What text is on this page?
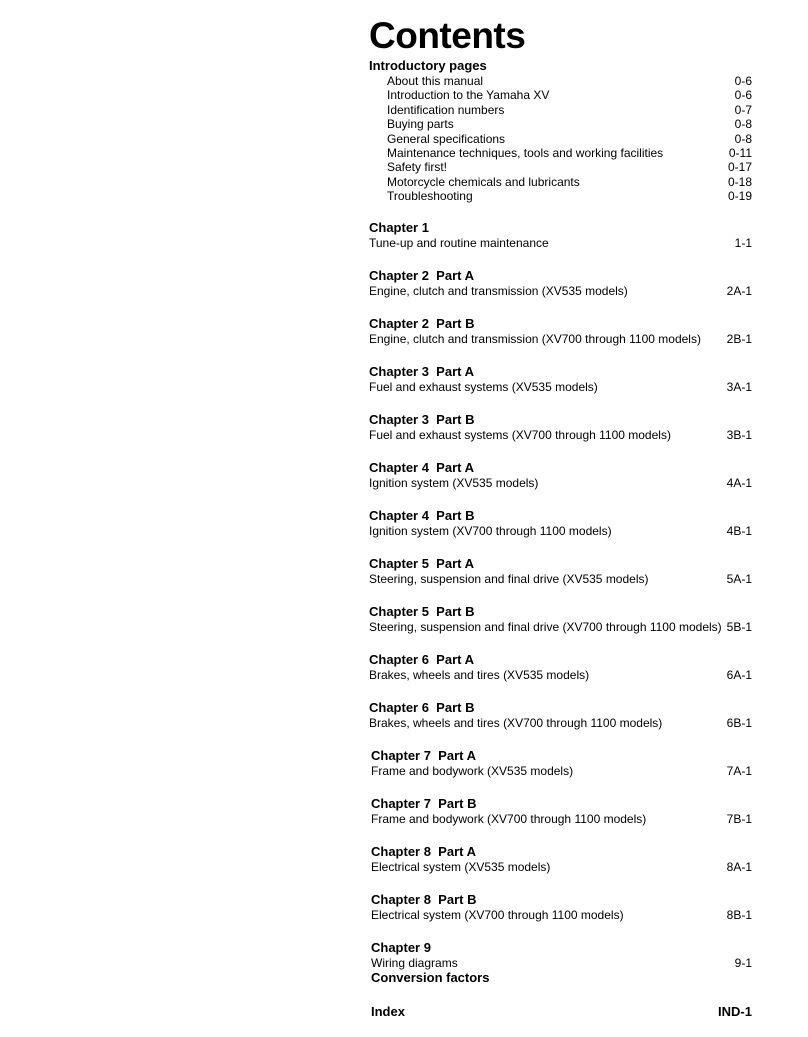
Contents
Introductory pages
About this manual	0-6
Introduction to the Yamaha XV	0-6
Identification numbers	0-7
Buying parts	0-8
General specifications	0-8
Maintenance techniques, tools and working facilities	0-11
Safety first!	0-17
Motorcycle chemicals and lubricants	0-18
Troubleshooting	0-19
Chapter 1
Tune-up and routine maintenance	1-1
Chapter 2  Part A
Engine, clutch and transmission (XV535 models)	2A-1
Chapter 2  Part B
Engine, clutch and transmission (XV700 through 1100 models) 2B-1
Chapter 3  Part A
Fuel and exhaust systems (XV535 models)	3A-1
Chapter 3  Part B
Fuel and exhaust systems (XV700 through 1100 models)	3B-1
Chapter 4  Part A
Ignition system (XV535 models)	4A-1
Chapter 4  Part B
Ignition system (XV700 through 1100 models)	4B-1
Chapter 5  Part A
Steering, suspension and final drive (XV535 models)	5A-1
Chapter 5  Part B
Steering, suspension and final drive (XV700 through 1100 models) 5B-1
Chapter 6  Part A
Brakes, wheels and tires (XV535 models)	6A-1
Chapter 6  Part B
Brakes, wheels and tires (XV700 through 1100 models)	6B-1
Chapter 7  Part A
Frame and bodywork (XV535 models)	7A-1
Chapter 7  Part B
Frame and bodywork (XV700 through 1100 models)	7B-1
Chapter 8  Part A
Electrical system (XV535 models)	8A-1
Chapter 8  Part B
Electrical system (XV700 through 1100 models)	8B-1
Chapter 9
Wiring diagrams	9-1
Conversion factors
Index	IND-1
